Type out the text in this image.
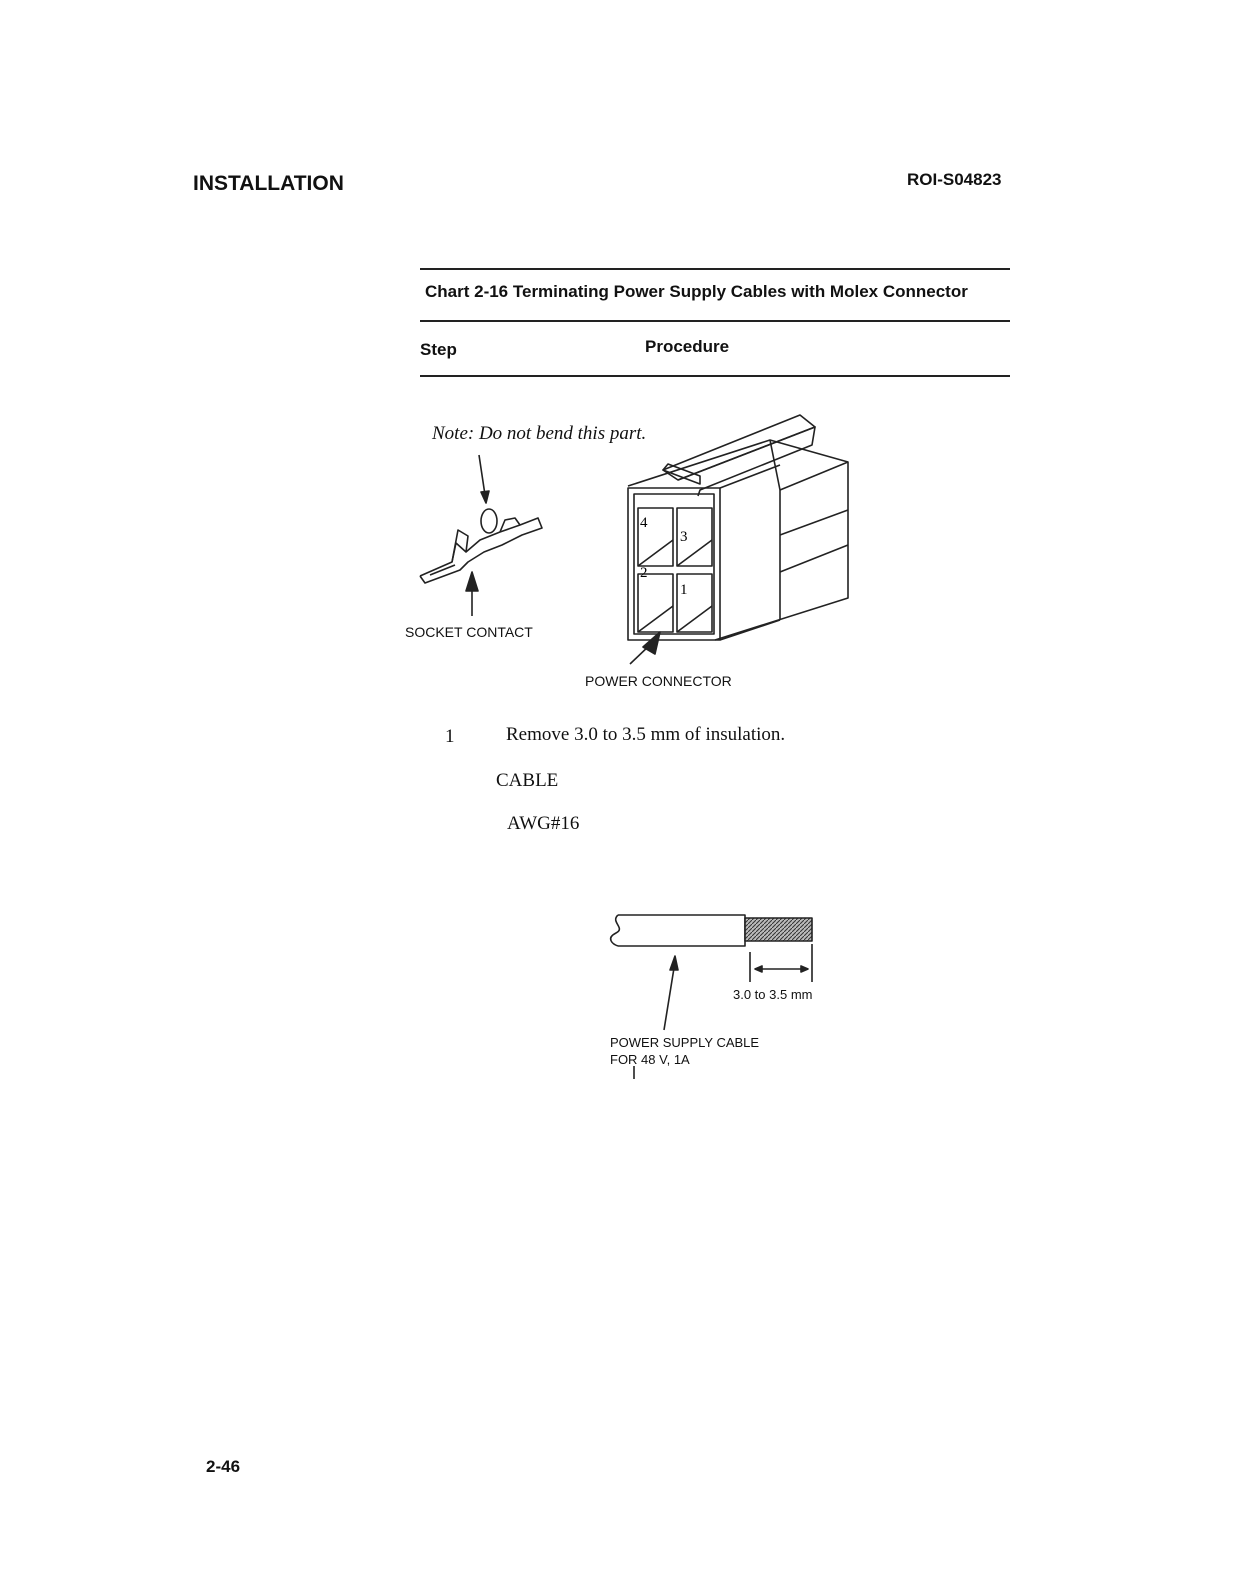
INSTALLATION	ROI-S04823
Chart 2-16 Terminating Power Supply Cables with Molex Connector
Step	Procedure
4
3
2
1
Note: Do not bend this part.
SOCKET CONTACT
POWER CONNECTOR
1	Remove 3.0 to 3.5 mm of insulation.
CABLE
AWG#16
3.0 to 3.5 mm
POWER SUPPLY CABLE
FOR 48 V, 1A
2-46
